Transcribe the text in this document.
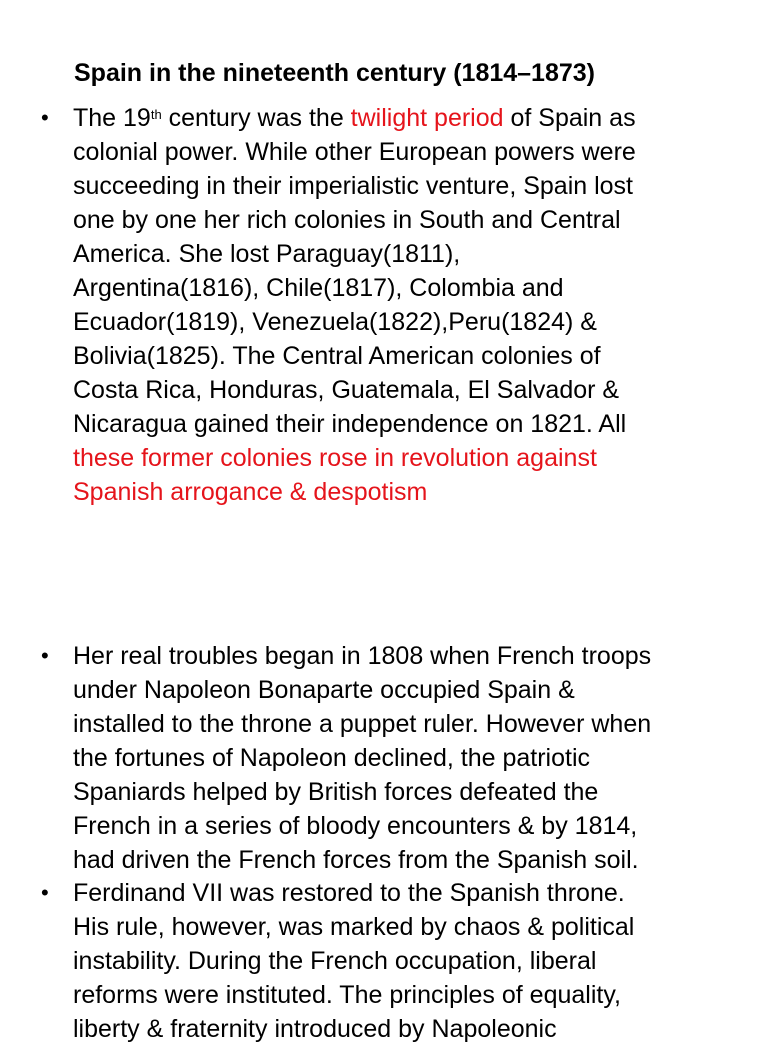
Spain in the nineteenth century (1814–1873)
• The 19th century was the twilight period of Spain as
colonial power. While other European powers were
succeeding in their imperialistic venture, Spain lost
one by one her rich colonies in South and Central
America. She lost Paraguay(1811),
Argentina(1816), Chile(1817), Colombia and
Ecuador(1819), Venezuela(1822),Peru(1824) &
Bolivia(1825). The Central American colonies of
Costa Rica, Honduras, Guatemala, El Salvador &
Nicaragua gained their independence on 1821. All
these former colonies rose in revolution against
Spanish arrogance & despotism
• Her real troubles began in 1808 when French troops
under Napoleon Bonaparte occupied Spain &
installed to the throne a puppet ruler. However when
the fortunes of Napoleon declined, the patriotic
Spaniards helped by British forces defeated the
French in a series of bloody encounters & by 1814,
had driven the French forces from the Spanish soil.
• Ferdinand VII was restored to the Spanish throne.
His rule, however, was marked by chaos & political
instability. During the French occupation, liberal
reforms were instituted. The principles of equality,
liberty & fraternity introduced by Napoleonic
